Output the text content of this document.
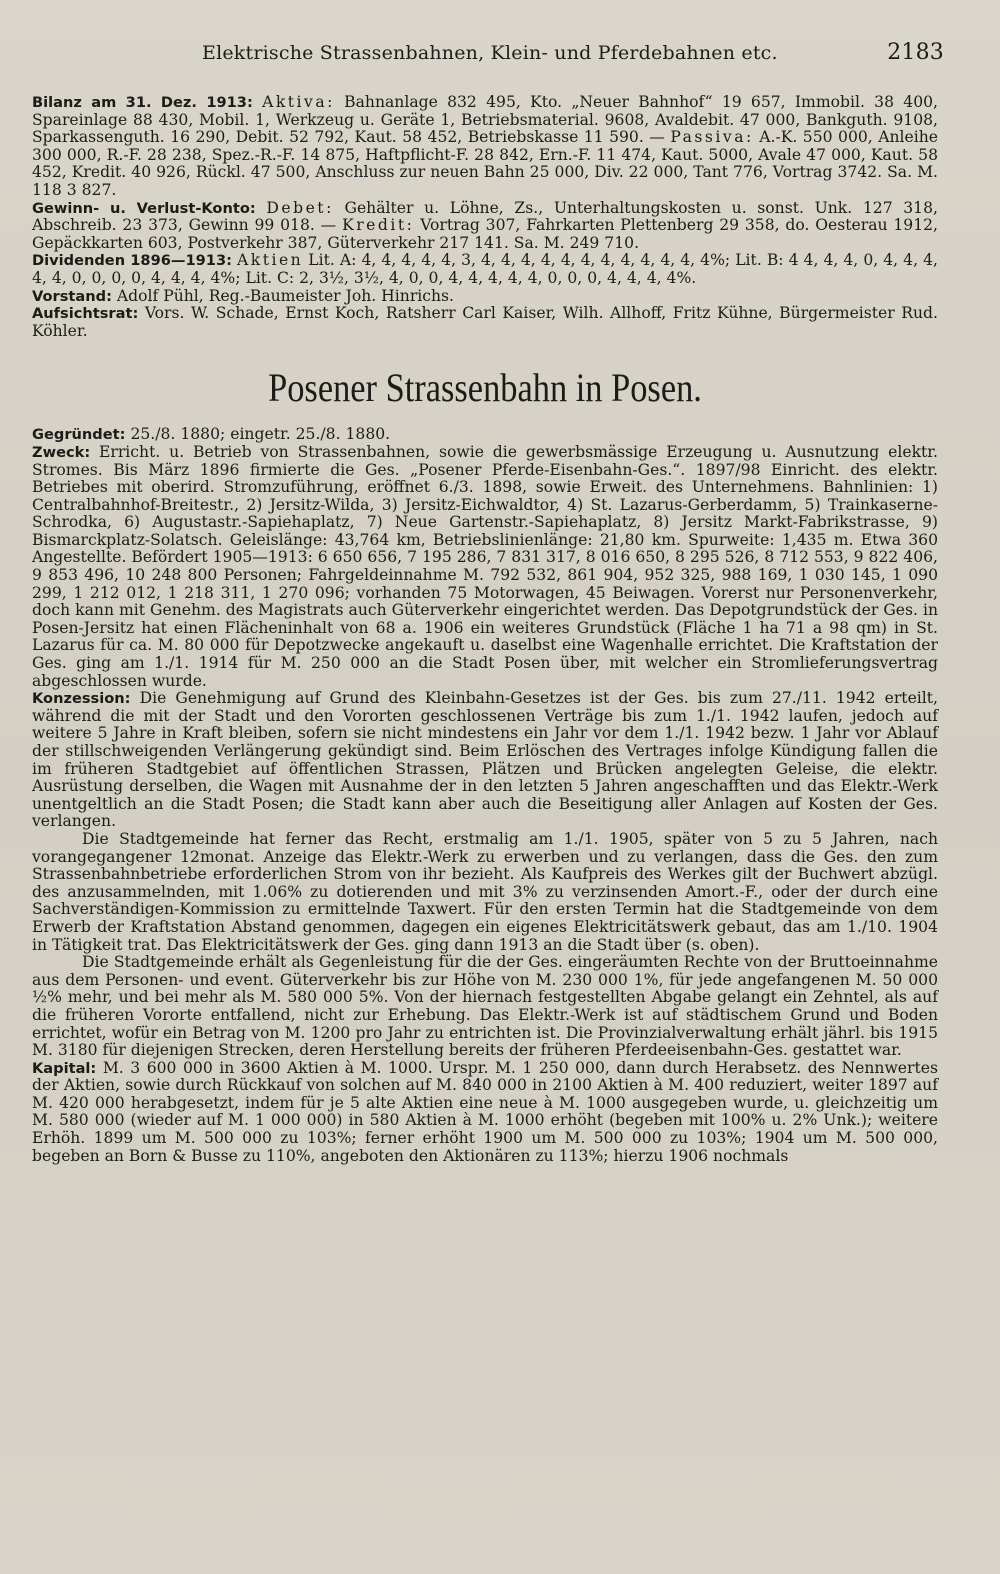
Elektrische Strassenbahnen, Klein- und Pferdebahnen etc.	2183

Bilanz am 31. Dez. 1913: Aktiva: Bahnanlage 832 495, Kto. „Neuer Bahnhof“ 19 657, Immobil. 38 400, Spareinlage 88 430, Mobil. 1, Werkzeug u. Geräte 1, Betriebsmaterial. 9608, Avaldebit. 47 000, Bankguth. 9108, Sparkassenguth. 16 290, Debit. 52 792, Kaut. 58 452, Betriebskasse 11 590. — Passiva: A.-K. 550 000, Anleihe 300 000, R.-F. 28 238, Spez.-R.-F. 14 875, Haftpflicht-F. 28 842, Ern.-F. 11 474, Kaut. 5000, Avale 47 000, Kaut. 58 452, Kredit. 40 926, Rückl. 47 500, Anschluss zur neuen Bahn 25 000, Div. 22 000, Tant 776, Vortrag 3742. Sa. M. 118 3 827.

Gewinn- u. Verlust-Konto: Debet: Gehälter u. Löhne, Zs., Unterhaltungskosten u. sonst. Unk. 127 318, Abschreib. 23 373, Gewinn 99 018. — Kredit: Vortrag 307, Fahrkarten Plettenberg 29 358, do. Oesterau 1912, Gepäckkarten 603, Postverkehr 387, Güterverkehr 217 141. Sa. M. 249 710.

Dividenden 1896—1913: Aktien Lit. A: 4, 4, 4, 4, 4, 3, 4, 4, 4, 4, 4, 4, 4, 4, 4, 4, 4, 4%; Lit. B: 4 4, 4, 4, 0, 4, 4, 4, 4, 4, 0, 0, 0, 0, 4, 4, 4, 4%; Lit. C: 2, 3½, 3½, 4, 0, 0, 4, 4, 4, 4, 4, 0, 0, 0, 4, 4, 4, 4%.

Vorstand: Adolf Pühl, Reg.-Baumeister Joh. Hinrichs.

Aufsichtsrat: Vors. W. Schade, Ernst Koch, Ratsherr Carl Kaiser, Wilh. Allhoff, Fritz Kühne, Bürgermeister Rud. Köhler.

Posener Strassenbahn in Posen.

Gegründet: 25./8. 1880; eingetr. 25./8. 1880.

Zweck: Erricht. u. Betrieb von Strassenbahnen, sowie die gewerbsmässige Erzeugung u. Ausnutzung elektr. Stromes. Bis März 1896 firmierte die Ges. „Posener Pferde-Eisenbahn-Ges.“. 1897/98 Einricht. des elektr. Betriebes mit oberird. Stromzuführung, eröffnet 6./3. 1898, sowie Erweit. des Unternehmens. Bahnlinien: 1) Centralbahnhof-Breitestr., 2) Jersitz-Wilda, 3) Jersitz-Eichwaldtor, 4) St. Lazarus-Gerberdamm, 5) Trainkaserne-Schrodka, 6) Augustastr.-Sapiehaplatz, 7) Neue Gartenstr.-Sapiehaplatz, 8) Jersitz Markt-Fabrikstrasse, 9) Bismarckplatz-Solatsch. Geleislänge: 43,764 km, Betriebslinienlänge: 21,80 km. Spurweite: 1,435 m. Etwa 360 Angestellte. Befördert 1905—1913: 6 650 656, 7 195 286, 7 831 317, 8 016 650, 8 295 526, 8 712 553, 9 822 406, 9 853 496, 10 248 800 Personen; Fahrgeldeinnahme M. 792 532, 861 904, 952 325, 988 169, 1 030 145, 1 090 299, 1 212 012, 1 218 311, 1 270 096; vorhanden 75 Motorwagen, 45 Beiwagen. Vorerst nur Personenverkehr, doch kann mit Genehm. des Magistrats auch Güterverkehr eingerichtet werden. Das Depotgrundstück der Ges. in Posen-Jersitz hat einen Flächeninhalt von 68 a. 1906 ein weiteres Grundstück (Fläche 1 ha 71 a 98 qm) in St. Lazarus für ca. M. 80 000 für Depotzwecke angekauft u. daselbst eine Wagenhalle errichtet. Die Kraftstation der Ges. ging am 1./1. 1914 für M. 250 000 an die Stadt Posen über, mit welcher ein Stromlieferungsvertrag abgeschlossen wurde.

Konzession: Die Genehmigung auf Grund des Kleinbahn-Gesetzes ist der Ges. bis zum 27./11. 1942 erteilt, während die mit der Stadt und den Vororten geschlossenen Verträge bis zum 1./1. 1942 laufen, jedoch auf weitere 5 Jahre in Kraft bleiben, sofern sie nicht mindestens ein Jahr vor dem 1./1. 1942 bezw. 1 Jahr vor Ablauf der stillschweigenden Verlängerung gekündigt sind. Beim Erlöschen des Vertrages infolge Kündigung fallen die im früheren Stadtgebiet auf öffentlichen Strassen, Plätzen und Brücken angelegten Geleise, die elektr. Ausrüstung derselben, die Wagen mit Ausnahme der in den letzten 5 Jahren angeschafften und das Elektr.-Werk unentgeltlich an die Stadt Posen; die Stadt kann aber auch die Beseitigung aller Anlagen auf Kosten der Ges. verlangen.

Die Stadtgemeinde hat ferner das Recht, erstmalig am 1./1. 1905, später von 5 zu 5 Jahren, nach vorangegangener 12monat. Anzeige das Elektr.-Werk zu erwerben und zu verlangen, dass die Ges. den zum Strassenbahnbetriebe erforderlichen Strom von ihr bezieht. Als Kaufpreis des Werkes gilt der Buchwert abzügl. des anzusammelnden, mit 1.06% zu dotierenden und mit 3% zu verzinsenden Amort.-F., oder der durch eine Sachverständigen-Kommission zu ermittelnde Taxwert. Für den ersten Termin hat die Stadtgemeinde von dem Erwerb der Kraftstation Abstand genommen, dagegen ein eigenes Elektricitätswerk gebaut, das am 1./10. 1904 in Tätigkeit trat. Das Elektricitätswerk der Ges. ging dann 1913 an die Stadt über (s. oben).

Die Stadtgemeinde erhält als Gegenleistung für die der Ges. eingeräumten Rechte von der Bruttoeinnahme aus dem Personen- und event. Güterverkehr bis zur Höhe von M. 230 000 1%, für jede angefangenen M. 50 000 ½% mehr, und bei mehr als M. 580 000 5%. Von der hiernach festgestellten Abgabe gelangt ein Zehntel, als auf die früheren Vororte entfallend, nicht zur Erhebung. Das Elektr.-Werk ist auf städtischem Grund und Boden errichtet, wofür ein Betrag von M. 1200 pro Jahr zu entrichten ist. Die Provinzialverwaltung erhält jährl. bis 1915 M. 3180 für diejenigen Strecken, deren Herstellung bereits der früheren Pferdeeisenbahn-Ges. gestattet war.

Kapital: M. 3 600 000 in 3600 Aktien à M. 1000. Urspr. M. 1 250 000, dann durch Herabsetz. des Nennwertes der Aktien, sowie durch Rückkauf von solchen auf M. 840 000 in 2100 Aktien à M. 400 reduziert, weiter 1897 auf M. 420 000 herabgesetzt, indem für je 5 alte Aktien eine neue à M. 1000 ausgegeben wurde, u. gleichzeitig um M. 580 000 (wieder auf M. 1 000 000) in 580 Aktien à M. 1000 erhöht (begeben mit 100% u. 2% Unk.); weitere Erhöh. 1899 um M. 500 000 zu 103%; ferner erhöht 1900 um M. 500 000 zu 103%; 1904 um M. 500 000, begeben an Born & Busse zu 110%, angeboten den Aktionären zu 113%; hierzu 1906 nochmals
